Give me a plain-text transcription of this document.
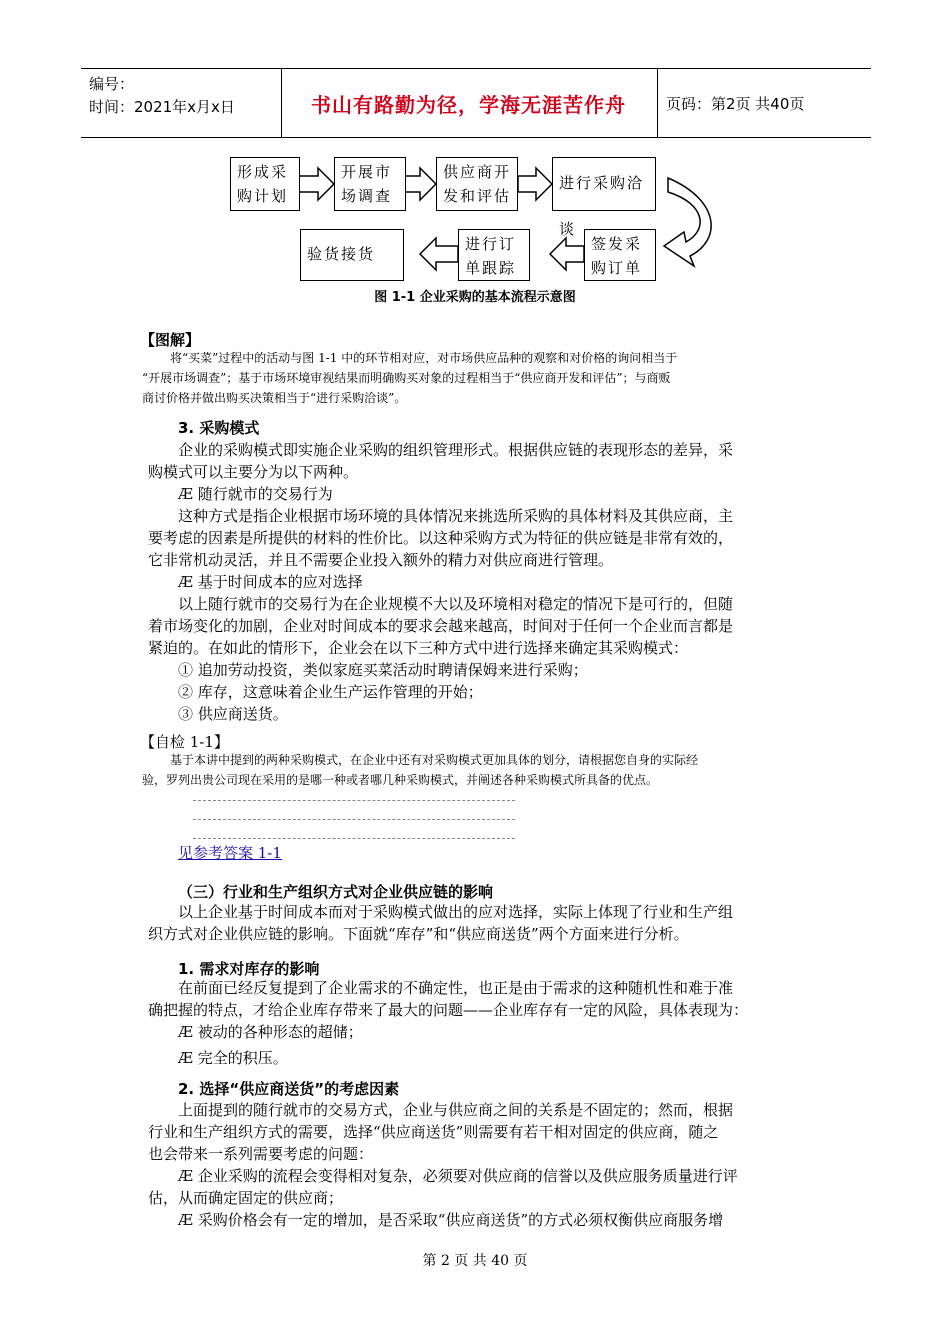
编号：
时间：2021年x月x日	书山有路勤为径，学海无涯苦作舟	页码：第2页 共40页
形成采购计划
开展市场调查
供应商开发和评估
进行采购洽谈
签发采购订单
进行订单跟踪
验货接货
图 1-1 企业采购的基本流程示意图
【图解】
将“买菜”过程中的活动与图 1-1 中的环节相对应，对市场供应品种的观察和对价格的询问相当于
“开展市场调查”；基于市场环境审视结果而明确购买对象的过程相当于“供应商开发和评估”；与商贩
商讨价格并做出购买决策相当于“进行采购洽谈”。
3. 采购模式
企业的采购模式即实施企业采购的组织管理形式。根据供应链的表现形态的差异，采
购模式可以主要分为以下两种。
Æ 随行就市的交易行为
这种方式是指企业根据市场环境的具体情况来挑选所采购的具体材料及其供应商，主
要考虑的因素是所提供的材料的性价比。以这种采购方式为特征的供应链是非常有效的，
它非常机动灵活，并且不需要企业投入额外的精力对供应商进行管理。
Æ 基于时间成本的应对选择
以上随行就市的交易行为在企业规模不大以及环境相对稳定的情况下是可行的，但随
着市场变化的加剧，企业对时间成本的要求会越来越高，时间对于任何一个企业而言都是
紧迫的。在如此的情形下，企业会在以下三种方式中进行选择来确定其采购模式：
① 追加劳动投资，类似家庭买菜活动时聘请保姆来进行采购；
② 库存，这意味着企业生产运作管理的开始；
③ 供应商送货。
【自检 1-1】
基于本讲中提到的两种采购模式，在企业中还有对采购模式更加具体的划分，请根据您自身的实际经
验，罗列出贵公司现在采用的是哪一种或者哪几种采购模式，并阐述各种采购模式所具备的优点。
见参考答案 1-1
（三）行业和生产组织方式对企业供应链的影响
以上企业基于时间成本而对于采购模式做出的应对选择，实际上体现了行业和生产组
织方式对企业供应链的影响。下面就“库存”和“供应商送货”两个方面来进行分析。
1. 需求对库存的影响
在前面已经反复提到了企业需求的不确定性，也正是由于需求的这种随机性和难于准
确把握的特点，才给企业库存带来了最大的问题——企业库存有一定的风险，具体表现为：
Æ 被动的各种形态的超储；
Æ 完全的积压。
2. 选择“供应商送货”的考虑因素
上面提到的随行就市的交易方式，企业与供应商之间的关系是不固定的；然而，根据
行业和生产组织方式的需要，选择“供应商送货”则需要有若干相对固定的供应商，随之
也会带来一系列需要考虑的问题：
Æ 企业采购的流程会变得相对复杂，必须要对供应商的信誉以及供应服务质量进行评
估，从而确定固定的供应商；
Æ 采购价格会有一定的增加，是否采取“供应商送货”的方式必须权衡供应商服务增
第 2 页 共 40 页
